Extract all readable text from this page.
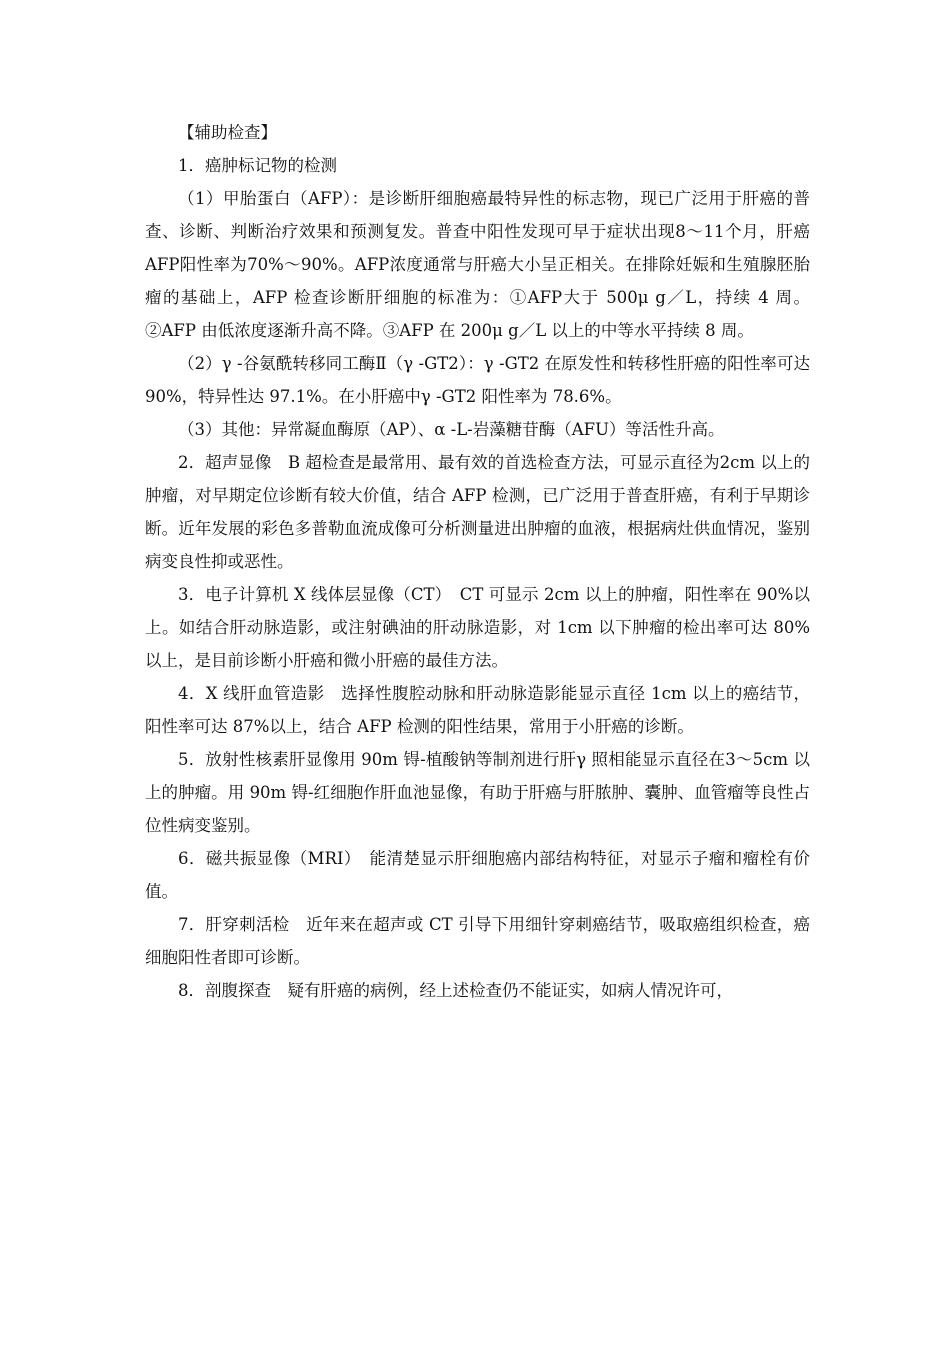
【辅助检查】

1．癌肿标记物的检测

（1）甲胎蛋白（AFP）：是诊断肝细胞癌最特异性的标志物，现已广泛用于肝癌的普查、诊断、判断治疗效果和预测复发。普查中阳性发现可早于症状出现8～11个月，肝癌AFP阳性率为70%～90%。AFP浓度通常与肝癌大小呈正相关。在排除妊娠和生殖腺胚胎瘤的基础上，AFP 检查诊断肝细胞的标准为：①AFP大于 500μ g／L，持续 4 周。②AFP 由低浓度逐渐升高不降。③AFP 在 200μ g／L 以上的中等水平持续 8 周。

（2）γ -谷氨酰转移同工酶Ⅱ（γ -GT2）：γ -GT2 在原发性和转移性肝癌的阳性率可达 90%，特异性达 97.1%。在小肝癌中γ -GT2 阳性率为 78.6%。

（3）其他：异常凝血酶原（AP）、α -L-岩藻糖苷酶（AFU）等活性升高。

2．超声显像　B 超检查是最常用、最有效的首选检查方法，可显示直径为2cm 以上的肿瘤，对早期定位诊断有较大价值，结合 AFP 检测，已广泛用于普查肝癌，有利于早期诊断。近年发展的彩色多普勒血流成像可分析测量进出肿瘤的血液，根据病灶供血情况，鉴别病变良性抑或恶性。

3．电子计算机 X 线体层显像（CT）　CT 可显示 2cm 以上的肿瘤，阳性率在 90%以上。如结合肝动脉造影，或注射碘油的肝动脉造影，对 1cm 以下肿瘤的检出率可达 80%以上，是目前诊断小肝癌和微小肝癌的最佳方法。

4．X 线肝血管造影　选择性腹腔动脉和肝动脉造影能显示直径 1cm 以上的癌结节，阳性率可达 87%以上，结合 AFP 检测的阳性结果，常用于小肝癌的诊断。

5．放射性核素肝显像用 90m 锝-植酸钠等制剂进行肝γ 照相能显示直径在3～5cm 以上的肿瘤。用 90m 锝-红细胞作肝血池显像，有助于肝癌与肝脓肿、囊肿、血管瘤等良性占位性病变鉴别。

6．磁共振显像（MRI）　能清楚显示肝细胞癌内部结构特征，对显示子瘤和瘤栓有价值。

7．肝穿刺活检　近年来在超声或 CT 引导下用细针穿刺癌结节，吸取癌组织检查，癌细胞阳性者即可诊断。

8．剖腹探查　疑有肝癌的病例，经上述检查仍不能证实，如病人情况许可，
